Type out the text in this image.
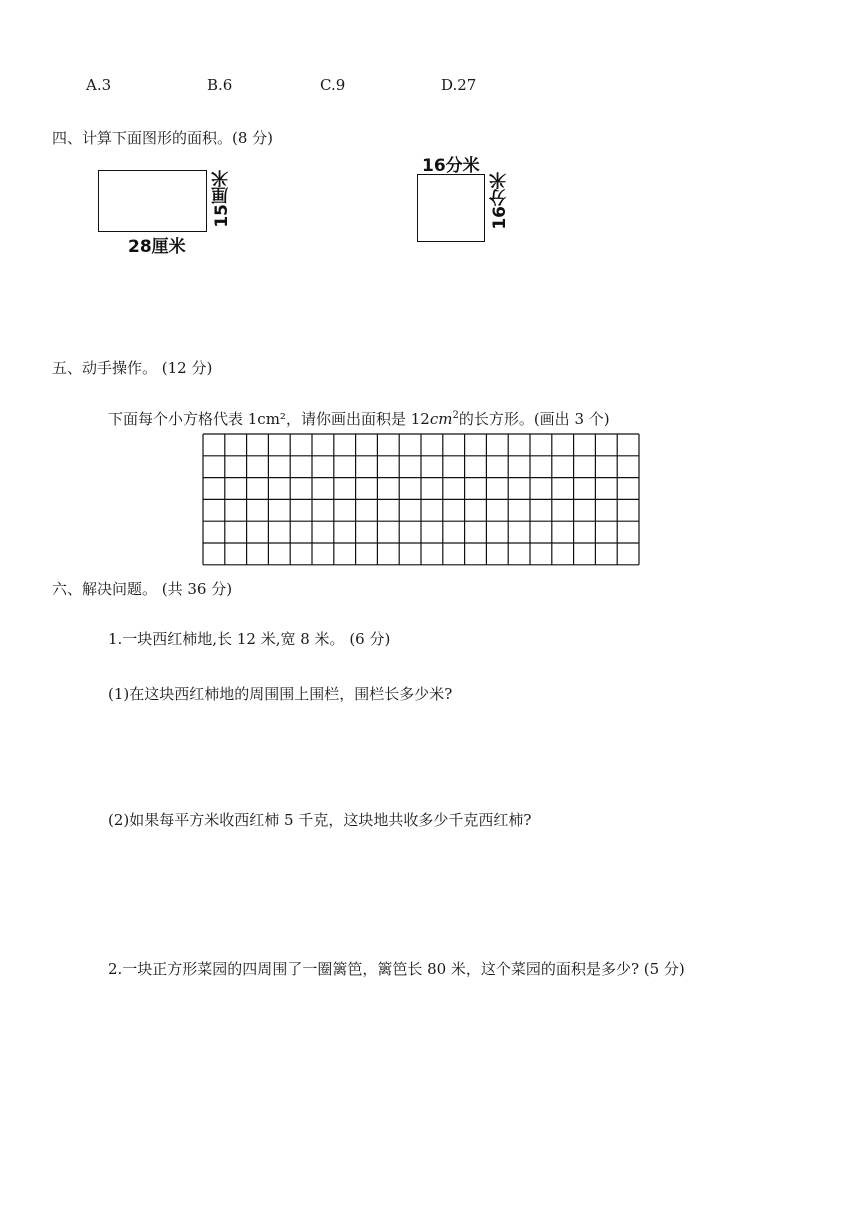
A.3	B.6	C.9	D.27
四、计算下面图形的面积。(8 分)
15厘米
28厘米
16分米
16分米
五、动手操作。 (12 分)
下面每个小方格代表 1cm²，请你画出面积是 $12cm^2$的长方形。(画出 3 个)
六、解决问题。 (共 36 分)
1.一块西红柿地,长 12 米,宽 8 米。 (6 分)
(1)在这块西红柿地的周围围上围栏，围栏长多少米?
(2)如果每平方米收西红柿 5 千克，这块地共收多少千克西红柿?
2.一块正方形菜园的四周围了一圈篱笆，篱笆长 80 米，这个菜园的面积是多少? (5 分)
